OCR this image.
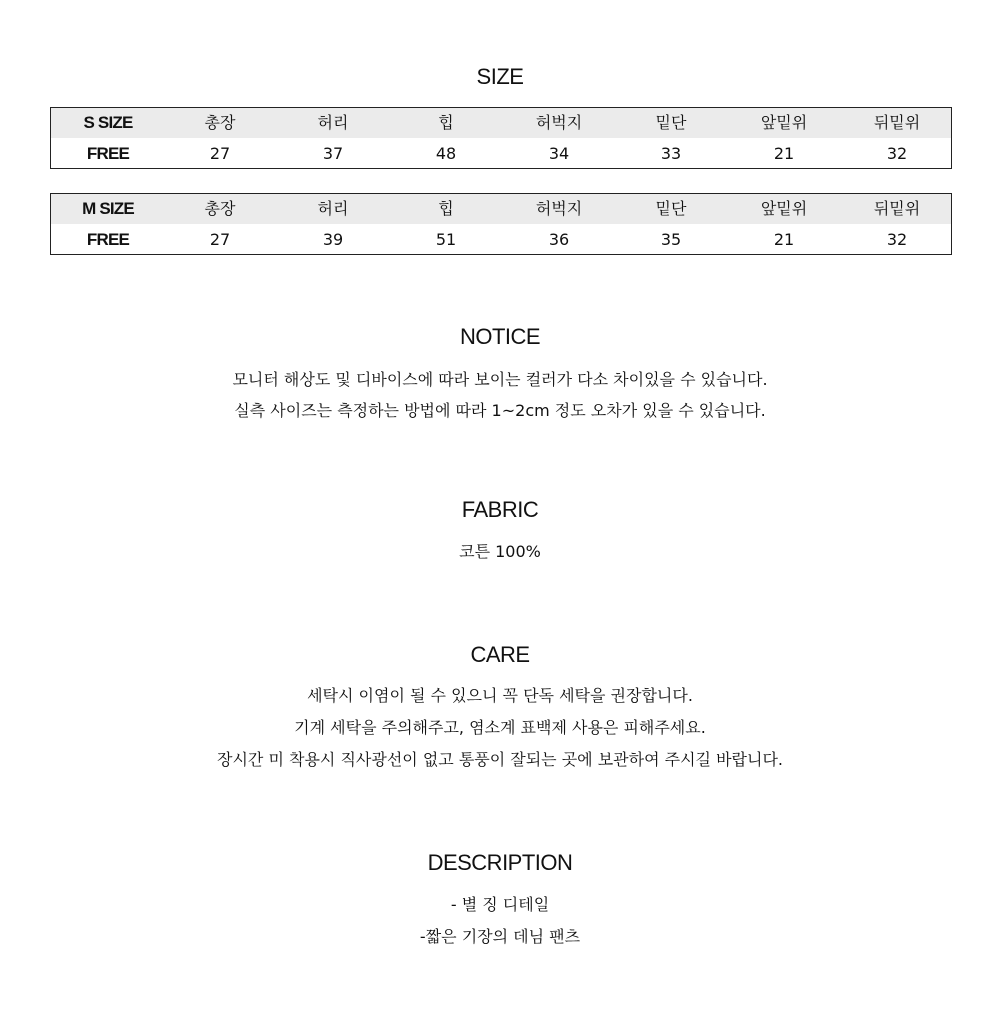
SIZE
S SIZE	총장	허리	힙	허벅지	밑단	앞밑위	뒤밑위
FREE	27	37	48	34	33	21	32
M SIZE	총장	허리	힙	허벅지	밑단	앞밑위	뒤밑위
FREE	27	39	51	36	35	21	32
NOTICE

모니터 해상도 및 디바이스에 따라 보이는 컬러가 다소 차이있을 수 있습니다.

실측 사이즈는 측정하는 방법에 따라 1~2cm 정도 오차가 있을 수 있습니다.

FABRIC

코튼 100%

CARE

세탁시 이염이 될 수 있으니 꼭 단독 세탁을 권장합니다.

기계 세탁을 주의해주고, 염소계 표백제 사용은 피해주세요.

장시간 미 착용시 직사광선이 없고 통풍이 잘되는 곳에 보관하여 주시길 바랍니다.

DESCRIPTION

- 별 징 디테일

-짧은 기장의 데님 팬츠
